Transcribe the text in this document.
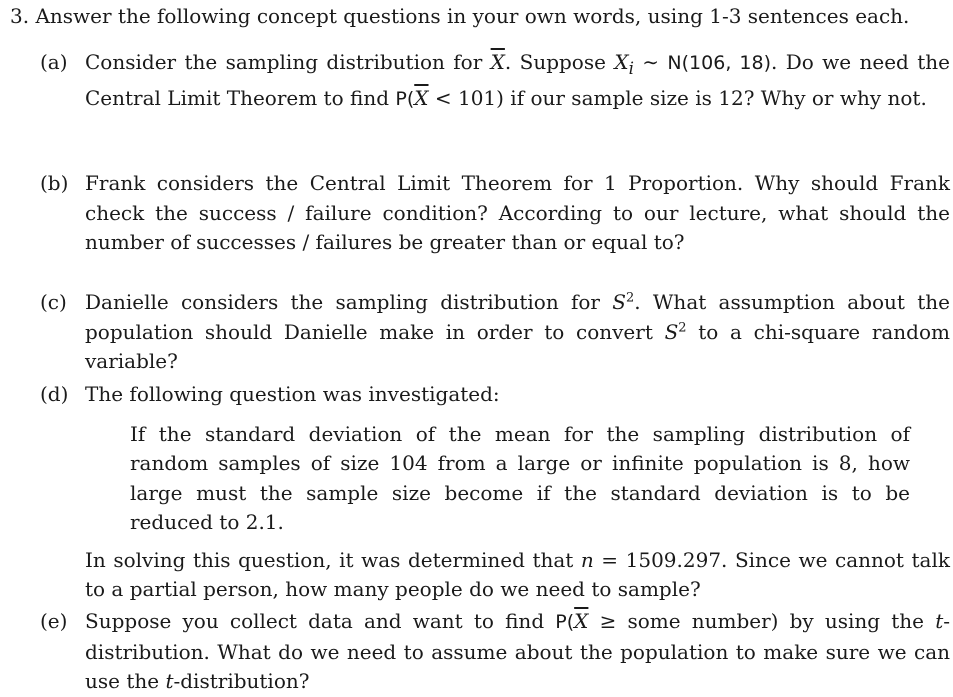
3. Answer the following concept questions in your own words, using 1-3 sentences each.
(a) Consider the sampling distribution for $\overline{X}$. Suppose $X_i$ ∼ N(106, 18). Do we need the Central Limit Theorem to find $P(\overline{X} < 101)$ if our sample size is 12? Why or why not.
(b) Frank considers the Central Limit Theorem for 1 Proportion. Why should Frank check the success / failure condition? According to our lecture, what should the number of successes / failures be greater than or equal to?
(c) Danielle considers the sampling distribution for $S^2$. What assumption about the population should Danielle make in order to convert $S^2$ to a chi-square random variable?
(d) The following question was investigated:
If the standard deviation of the mean for the sampling distribution of random samples of size 104 from a large or infinite population is 8, how large must the sample size become if the standard deviation is to be reduced to 2.1.
In solving this question, it was determined that n = 1509.297. Since we cannot talk to a partial person, how many people do we need to sample?
(e) Suppose you collect data and want to find $P(\overline{X}$ ≥ some number) by using the t-distribution. What do we need to assume about the population to make sure we can use the t-distribution?
